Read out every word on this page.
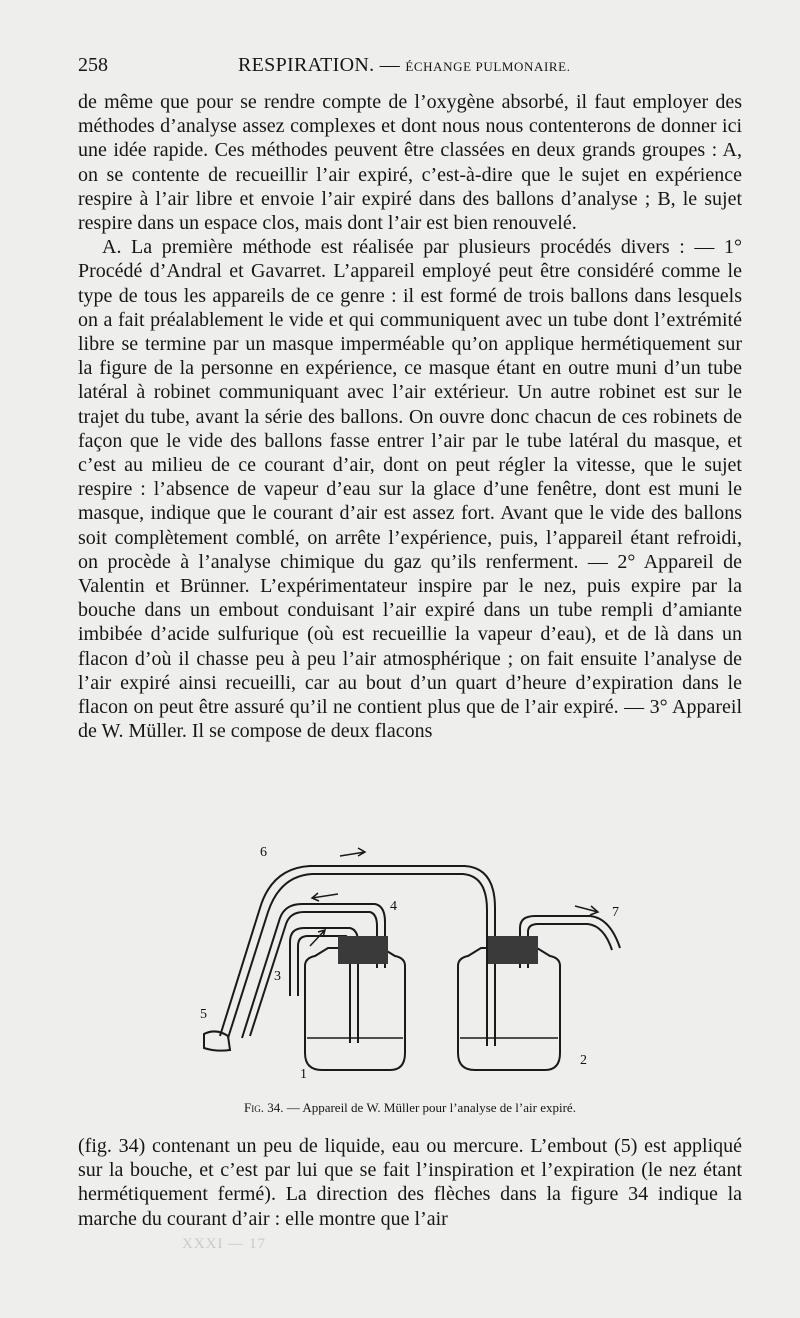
258	RESPIRATION. — ÉCHANGE PULMONAIRE.

de même que pour se rendre compte de l’oxygène absorbé, il faut employer des méthodes d’analyse assez complexes et dont nous nous contenterons de donner ici une idée rapide. Ces méthodes peuvent être classées en deux grands groupes : A, on se contente de recueillir l’air expiré, c’est-à-dire que le sujet en expérience respire à l’air libre et envoie l’air expiré dans des ballons d’analyse ; B, le sujet respire dans un espace clos, mais dont l’air est bien renouvelé.

A. La première méthode est réalisée par plusieurs procédés divers : — 1° Procédé d’Andral et Gavarret. L’appareil employé peut être considéré comme le type de tous les appareils de ce genre : il est formé de trois ballons dans lesquels on a fait préalablement le vide et qui communiquent avec un tube dont l’extrémité libre se termine par un masque imperméable qu’on applique hermétiquement sur la figure de la personne en expérience, ce masque étant en outre muni d’un tube latéral à robinet communiquant avec l’air extérieur. Un autre robinet est sur le trajet du tube, avant la série des ballons. On ouvre donc chacun de ces robinets de façon que le vide des ballons fasse entrer l’air par le tube latéral du masque, et c’est au milieu de ce courant d’air, dont on peut régler la vitesse, que le sujet respire : l’absence de vapeur d’eau sur la glace d’une fenêtre, dont est muni le masque, indique que le courant d’air est assez fort. Avant que le vide des ballons soit complètement comblé, on arrête l’expérience, puis, l’appareil étant refroidi, on procède à l’analyse chimique du gaz qu’ils renferment. — 2° Appareil de Valentin et Brünner. L’expérimentateur inspire par le nez, puis expire par la bouche dans un embout conduisant l’air expiré dans un tube rempli d’amiante imbibée d’acide sulfurique (où est recueillie la vapeur d’eau), et de là dans un flacon d’où il chasse peu à peu l’air atmosphérique ; on fait ensuite l’analyse de l’air expiré ainsi recueilli, car au bout d’un quart d’heure d’expiration dans le flacon on peut être assuré qu’il ne contient plus que de l’air expiré. — 3° Appareil de W. Müller. Il se compose de deux flacons

6
4	7
3
5
1
2
Fig. 34. — Appareil de W. Müller pour l’analyse de l’air expiré.

(fig. 34) contenant un peu de liquide, eau ou mercure. L’embout (5) est appliqué sur la bouche, et c’est par lui que se fait l’inspiration et l’expiration (le nez étant hermétiquement fermé). La direction des flèches dans la figure 34 indique la marche du courant d’air : elle montre que l’air

XXXI — 17
